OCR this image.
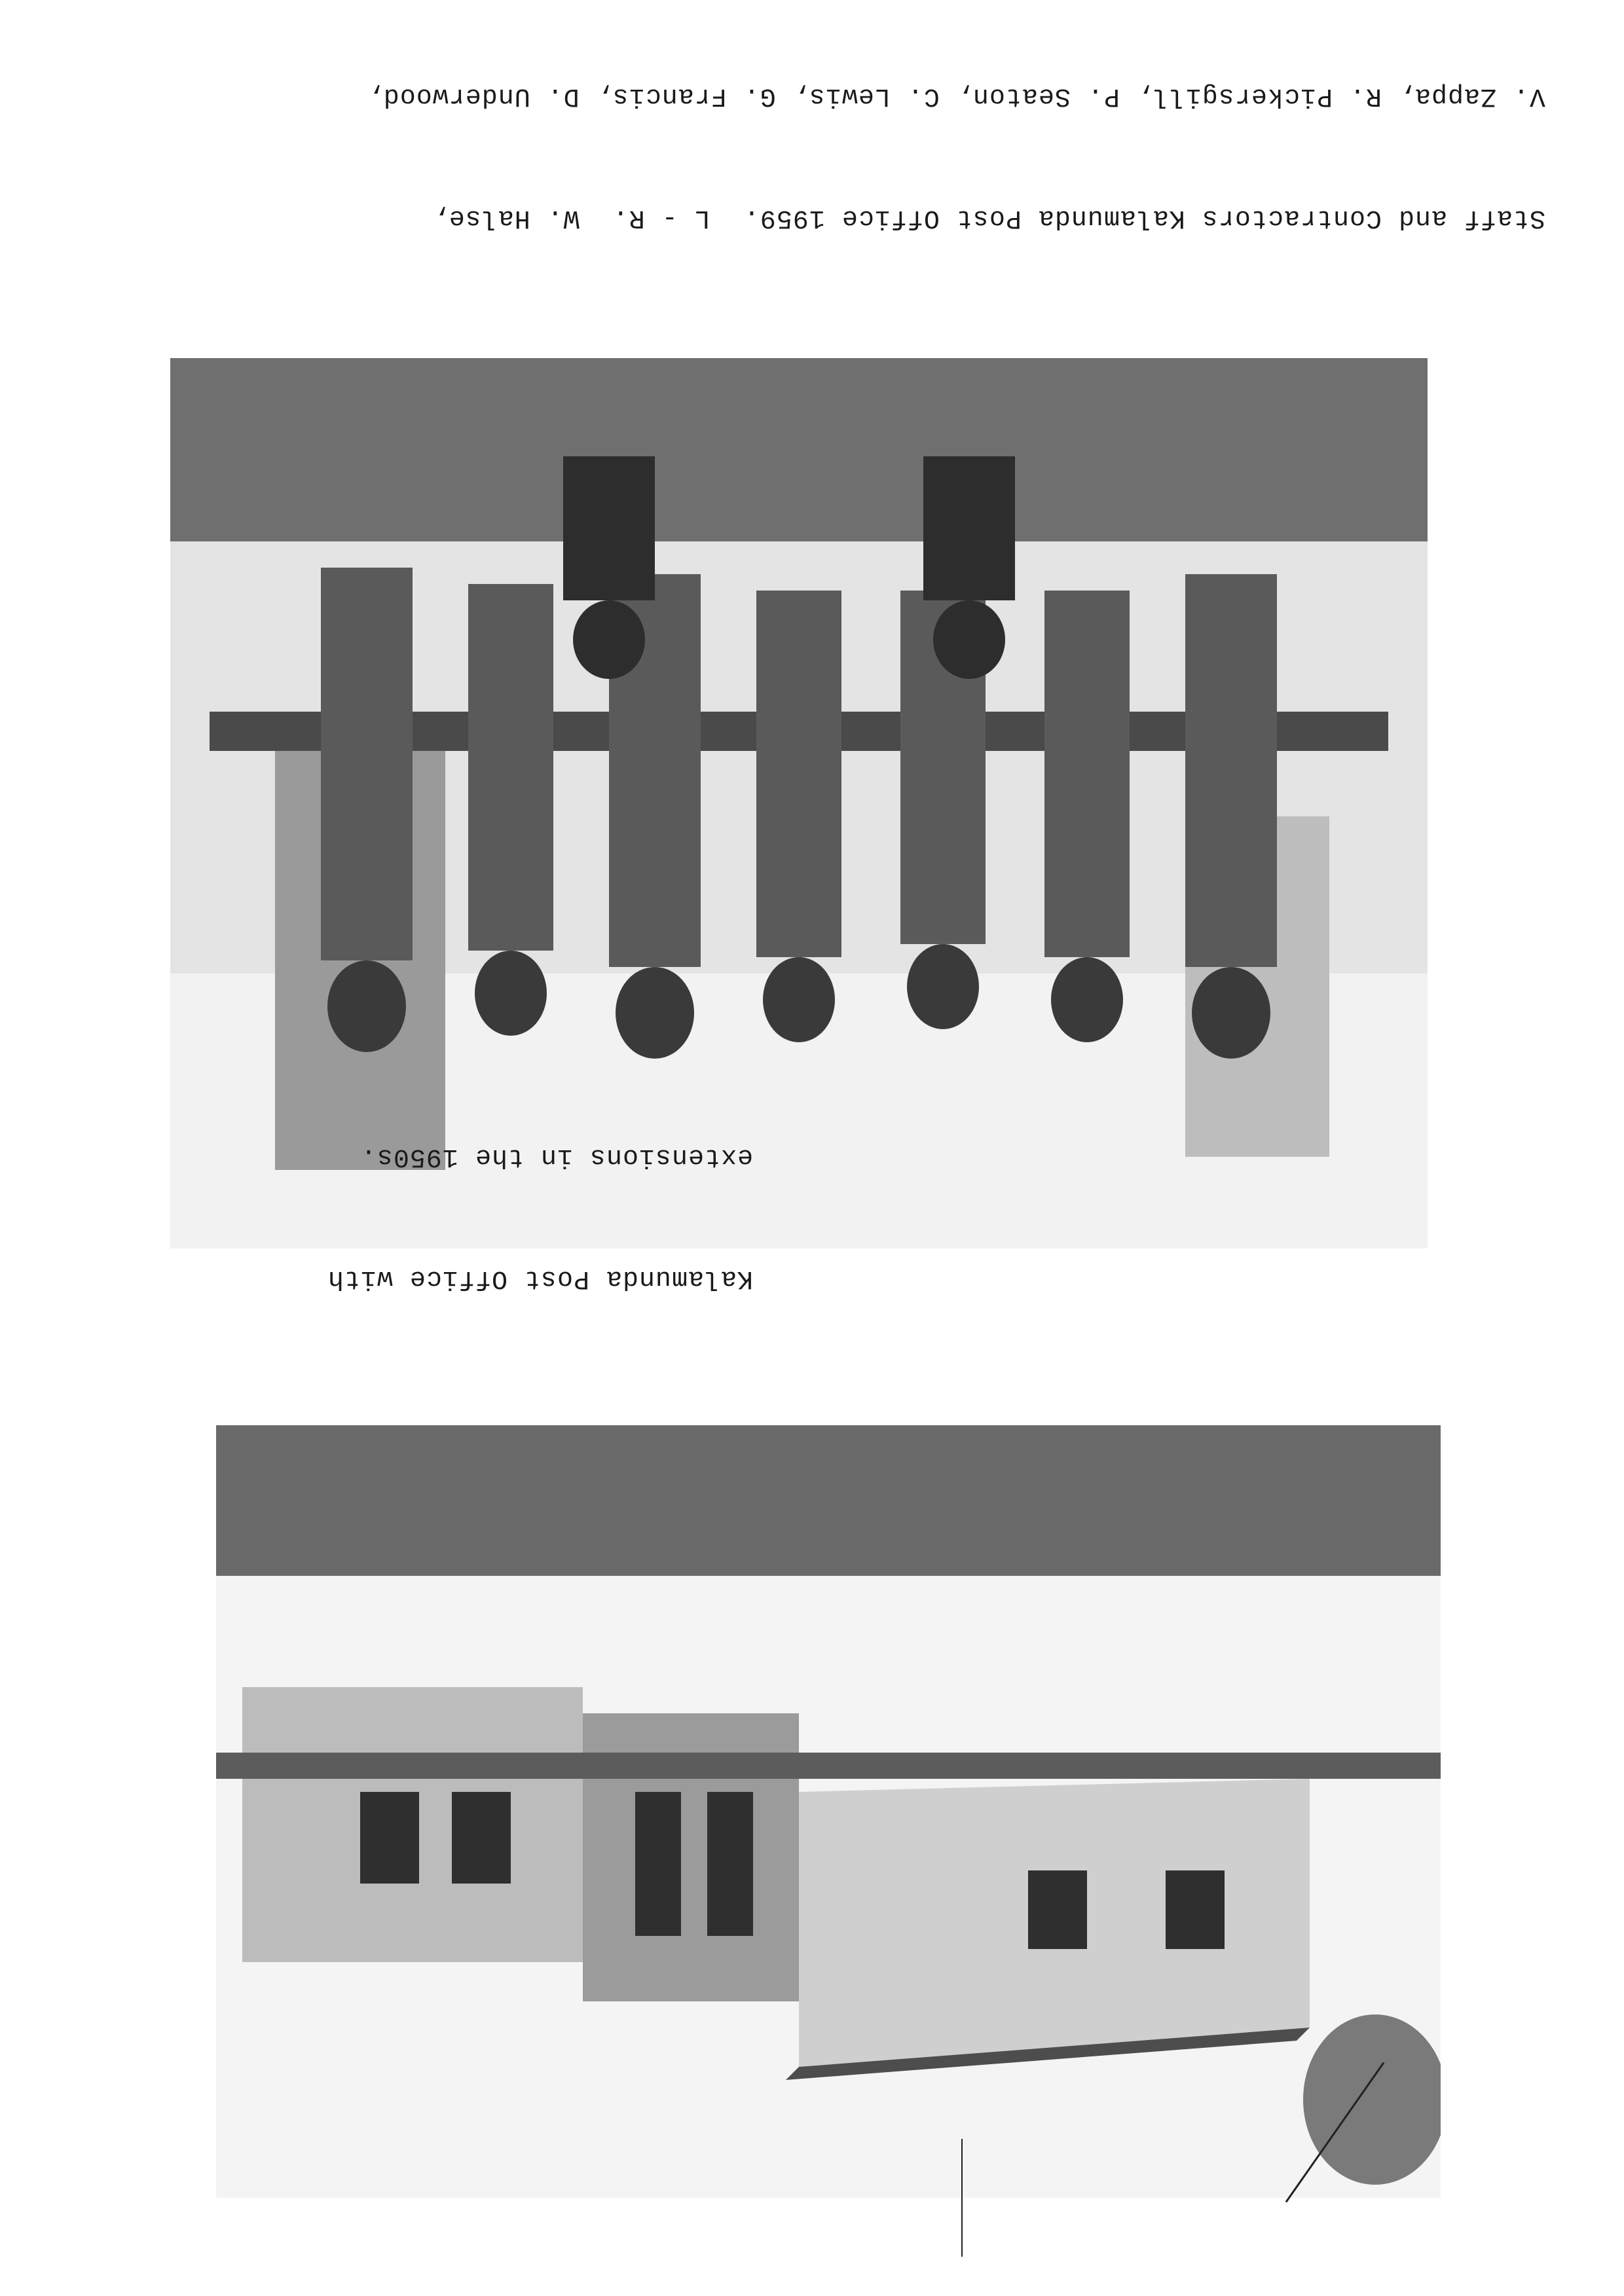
Staff and Contractors Kalamunda Post Office 1959.  L - R.  W. Halse,

V. Zappa, R. Pickersgill, P. Seaton, C. Lewis, G. Francis, D. Underwood,

Kalamunda Post Office with

extensions in the 1950s.
